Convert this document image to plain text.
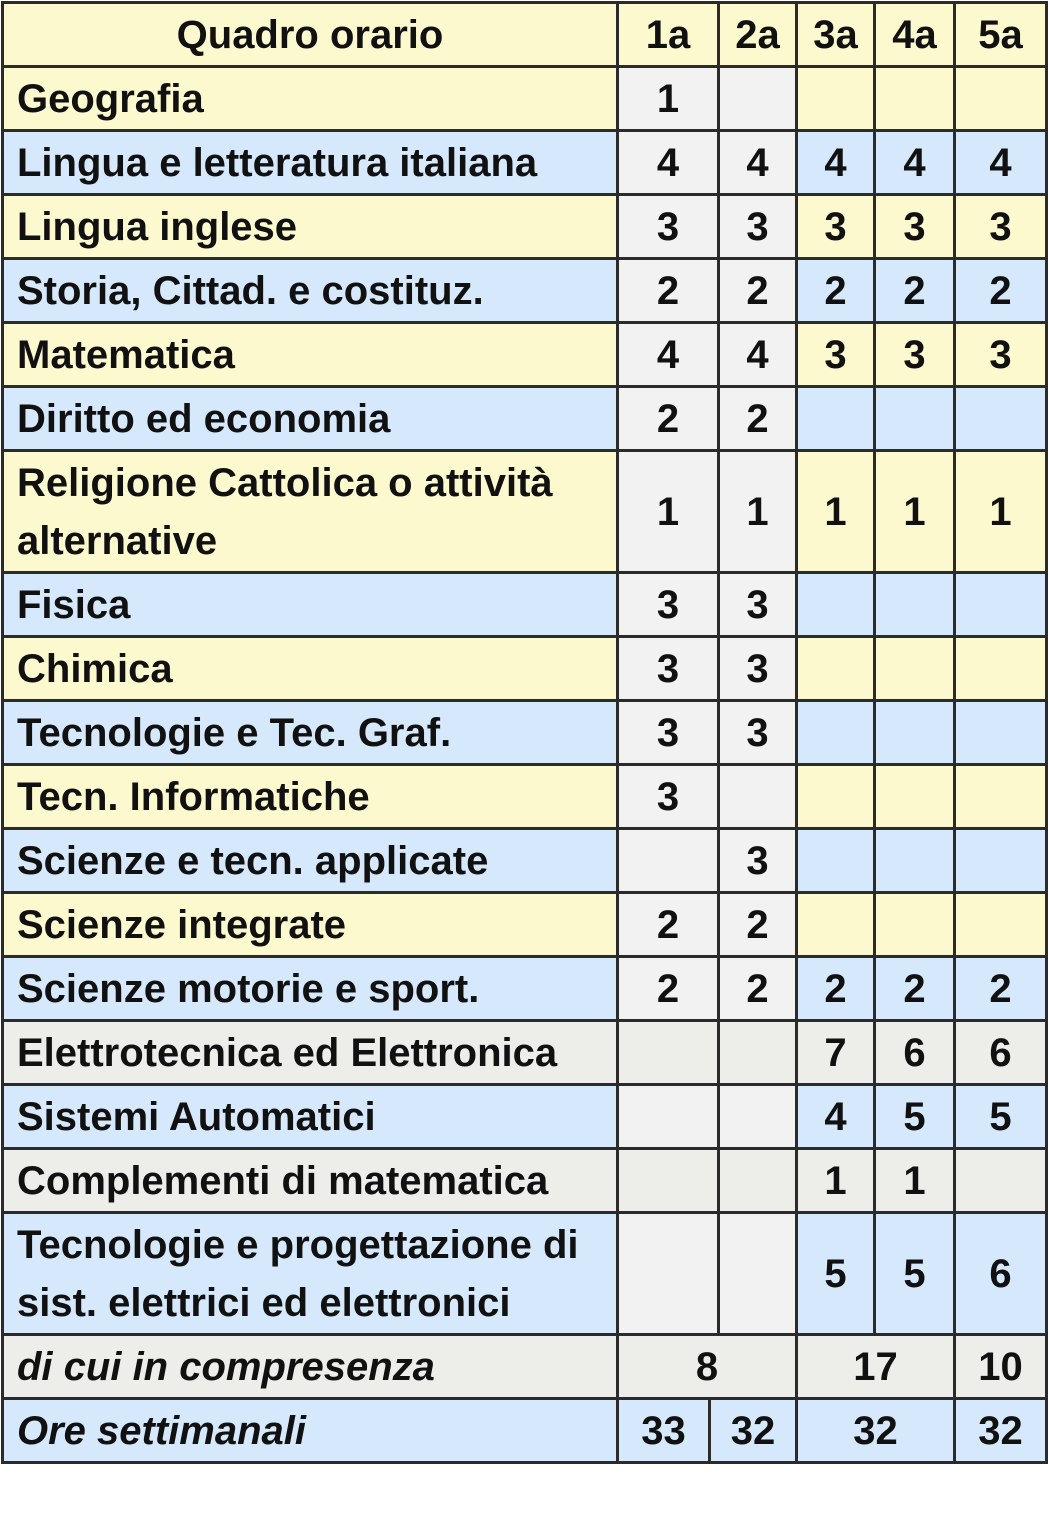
Quadro orario	1a		2a	3a	4a	5a
Geografia	1					
Lingua e letteratura italiana	4		4	4	4	4
Lingua inglese	3		3	3	3	3
Storia, Cittad. e costituz.	2		2	2	2	2
Matematica	4		4	3	3	3
Diritto ed economia	2		2			
Religione Cattolica o attività alternative	1		1	1	1	1
Fisica	3		3			
Chimica	3		3			
Tecnologie e Tec. Graf.	3		3			
Tecn. Informatiche	3					
Scienze e tecn. applicate			3			
Scienze integrate	2		2			
Scienze motorie e sport.	2		2	2	2	2
Elettrotecnica ed Elettronica				7	6	6
Sistemi Automatici				4	5	5
Complementi di matematica				1	1	
Tecnologie e progettazione di sist. elettrici ed elettronici				5	5	6
di cui in compresenza	8			17		10
Ore settimanali	33	32		32		32
